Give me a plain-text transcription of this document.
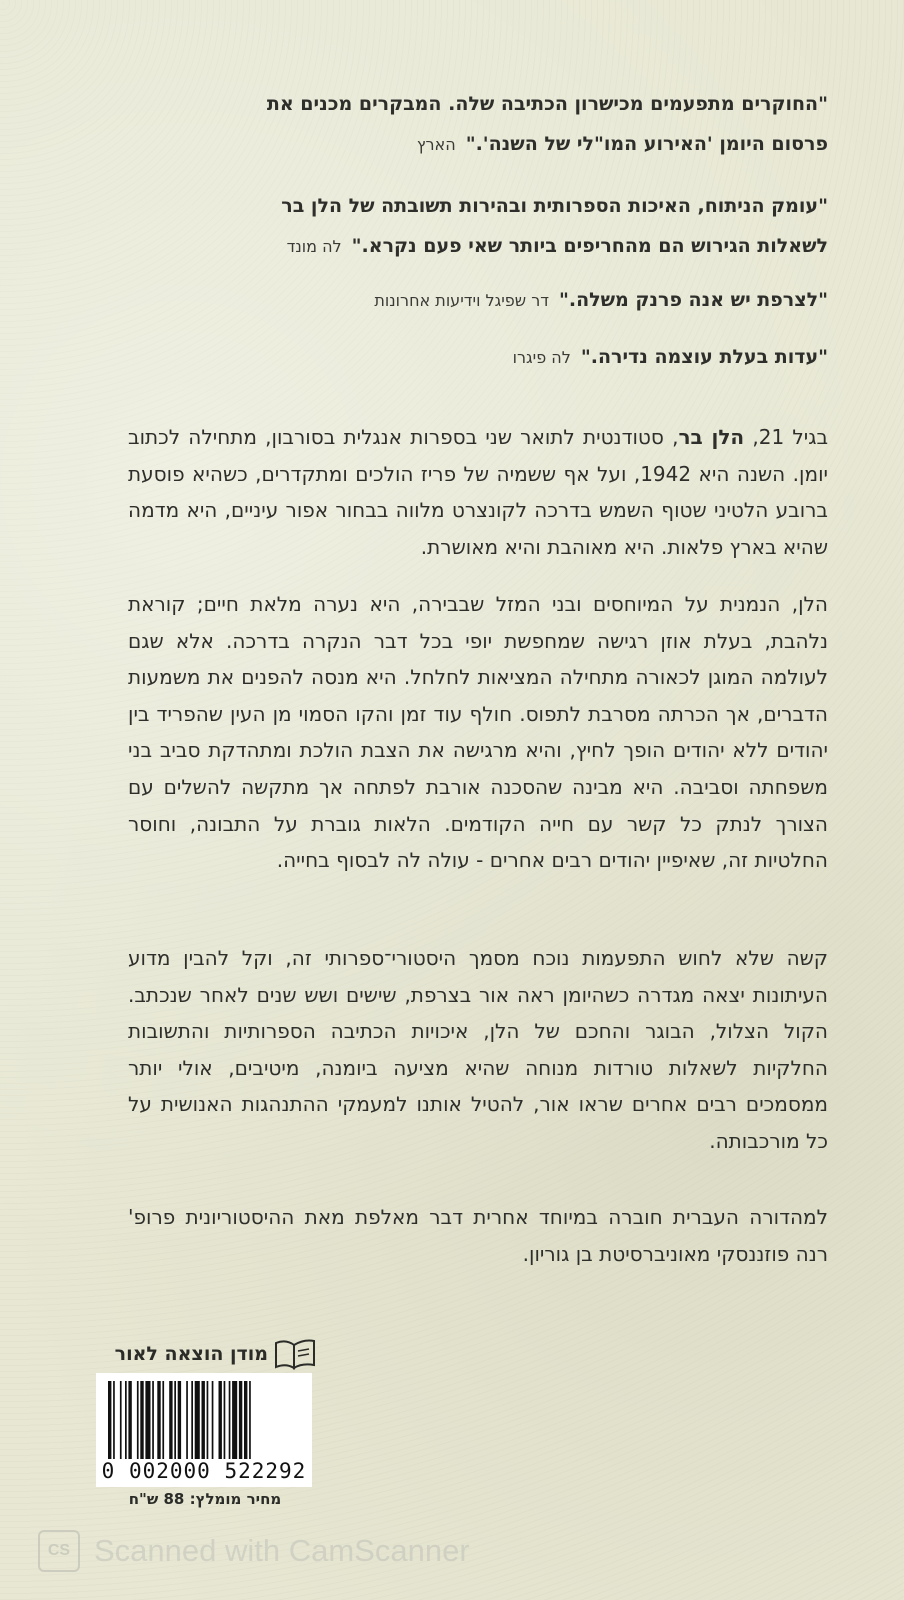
"החוקרים מתפעמים מכישרון הכתיבה שלה. המבקרים מכנים את
פרסום היומן 'האירוע המו"לי של השנה'."הארץ
"עומק הניתוח, האיכות הספרותית ובהירות תשובתה של הלן בר
לשאלות הגירוש הם מהחריפים ביותר שאי פעם נקרא."לה מונד
"לצרפת יש אנה פרנק משלה."דר שפיגל וידיעות אחרונות
"עדות בעלת עוצמה נדירה."לה פיגרו

בגיל 21, הלן בר, סטודנטית לתואר שני בספרות אנגלית בסורבון, מתחילה לכתוב יומן. השנה היא 1942, ועל אף ששמיה של פריז הולכים ומתקדרים, כשהיא פוסעת ברובע הלטיני שטוף השמש בדרכה לקונצרט מלווה בבחור אפור עיניים, היא מדמה שהיא בארץ פלאות. היא מאוהבת והיא מאושרת.

הלן, הנמנית על המיוחסים ובני המזל שבבירה, היא נערה מלאת חיים; קוראת נלהבת, בעלת אוזן רגישה שמחפשת יופי בכל דבר הנקרה בדרכה. אלא שגם לעולמה המוגן לכאורה מתחילה המציאות לחלחל. היא מנסה להפנים את משמעות הדברים, אך הכרתה מסרבת לתפוס. חולף עוד זמן והקו הסמוי מן העין שהפריד בין יהודים ללא יהודים הופך לחיץ, והיא מרגישה את הצבת הולכת ומתהדקת סביב בני משפחתה וסביבה. היא מבינה שהסכנה אורבת לפתחה אך מתקשה להשלים עם הצורך לנתק כל קשר עם חייה הקודמים. הלאות גוברת על התבונה, וחוסר החלטיות זה, שאיפיין יהודים רבים אחרים - עולה לה לבסוף בחייה.

קשה שלא לחוש התפעמות נוכח מסמך היסטורי־ספרותי זה, וקל להבין מדוע העיתונות יצאה מגדרה כשהיומן ראה אור בצרפת, שישים ושש שנים לאחר שנכתב. הקול הצלול, הבוגר והחכם של הלן, איכויות הכתיבה הספרותיות והתשובות החלקיות לשאלות טורדות מנוחה שהיא מציעה ביומנה, מיטיבים, אולי יותר ממסמכים רבים אחרים שראו אור, להטיל אותנו למעמקי ההתנהגות האנושית על כל מורכבותה.

למהדורה העברית חוברה במיוחד אחרית דבר מאלפת מאת ההיסטוריונית פרופ' רנה פוזננסקי מאוניברסיטת בן גוריון.

מודן הוצאה לאור
0 002000 522292
מחיר מומלץ: 88 ש"ח
CS Scanned with CamScanner
